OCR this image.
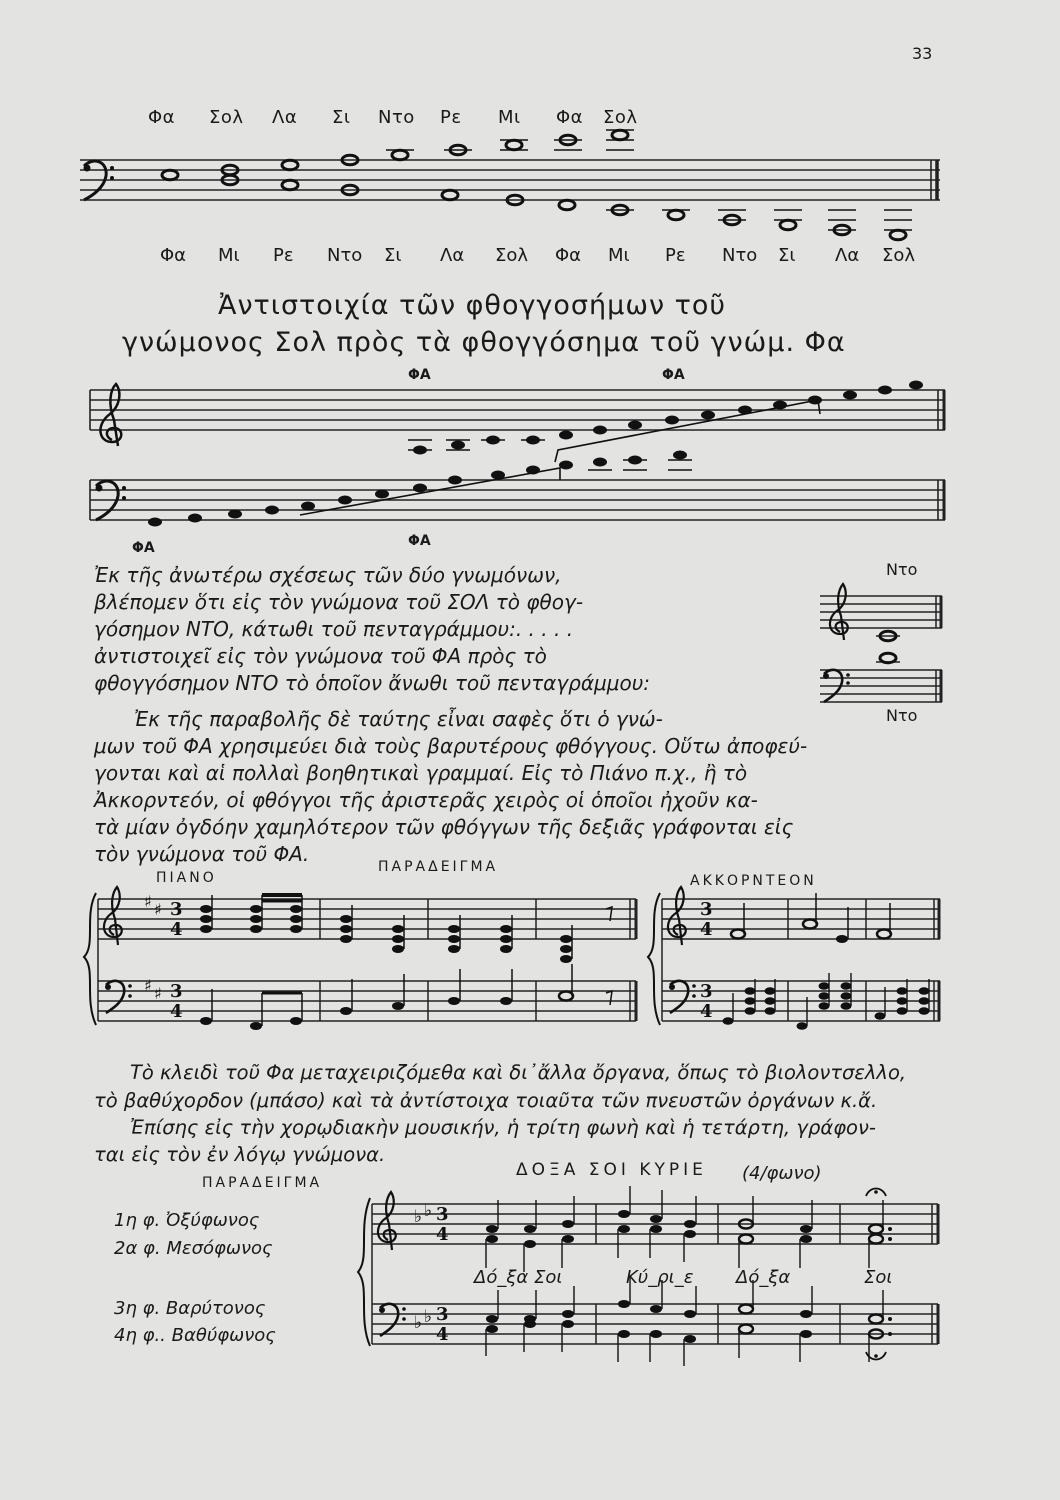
33
Φα Σολ Λα Σι Ντο Ρε Μι Φα Σολ
Φα Μι Ρε Ντο Σι Λα Σολ Φα Μι Ρε Ντο Σι Λα Σολ
Ἀντιστοιχία τῶν φθογγοσήμων τοῦ
γνώμονος Σολ πρὸς τὰ φθογγόσημα τοῦ γνώμ. Φα
ΦΑ	ΦΑ
ΦΑ	ΦΑ
Ἐκ τῆς ἀνωτέρω σχέσεως τῶν δύο γνωμόνων,
βλέπομεν ὅτι εἰς τὸν γνώμονα τοῦ ΣΟΛ τὸ φθογ-
γόσημον ΝΤΟ, κάτωθι τοῦ πενταγράμμου:. . . . .
ἀντιστοιχεῖ εἰς τὸν γνώμονα τοῦ ΦΑ πρὸς τὸ
φθογγόσημον ΝΤΟ τὸ ὁποῖον ἄνωθι τοῦ πενταγράμμου:
Ντο
Ντο
Ἐκ τῆς παραβολῆς δὲ ταύτης εἶναι σαφὲς ὅτι ὁ γνώ-
μων τοῦ ΦΑ χρησιμεύει διὰ τοὺς βαρυτέρους φθόγγους. Οὕτω ἀποφεύ-
γονται καὶ αἱ πολλαὶ βοηθητικαὶ γραμμαί. Εἰς τὸ Πιάνο π.χ., ἢ τὸ
Ἀκκορντεόν, οἱ φθόγγοι τῆς ἀριστερᾶς χειρὸς οἱ ὁποῖοι ἠχοῦν κα-
τὰ μίαν ὀγδόην χαμηλότερον τῶν φθόγγων τῆς δεξιᾶς γράφονται εἰς
τὸν γνώμονα τοῦ ΦΑ.
ΠΑΡΑΔΕΙΓΜΑ
ΠΙΑΝΟ	ΑΚΚΟΡΝΤΕΟΝ
♯ ♯
♯ ♯
3
4
3
4
3
4
3
4
Τὸ κλειδὶ τοῦ Φα μεταχειριζόμεθα καὶ δι᾽ἄλλα ὄργανα, ὅπως τὸ βιολοντσελλο,
τὸ βαθύχορδον (μπάσο) καὶ τὰ ἀντίστοιχα τοιαῦτα τῶν πνευστῶν ὀργάνων κ.ἄ.
Ἐπίσης εἰς τὴν χορῳδιακὴν μουσικήν, ἡ τρίτη φωνὴ καὶ ἡ τετάρτη, γράφον-
ται εἰς τὸν ἐν λόγῳ γνώμονα.
ΔΟΞΑ ΣΟΙ ΚΥΡΙΕ (4/φωνο)
ΠΑΡΑΔΕΙΓΜΑ
1η φ. Ὀξύφωνος
2α φ. Μεσόφωνος
3η φ. Βαρύτονος
4η φ.. Βαθύφωνος
♭ ♭
♭ ♭
3
4
3
4
Δό_ξα Σοι	Κύ_ρι_ε Δό_ξα	Σοι
